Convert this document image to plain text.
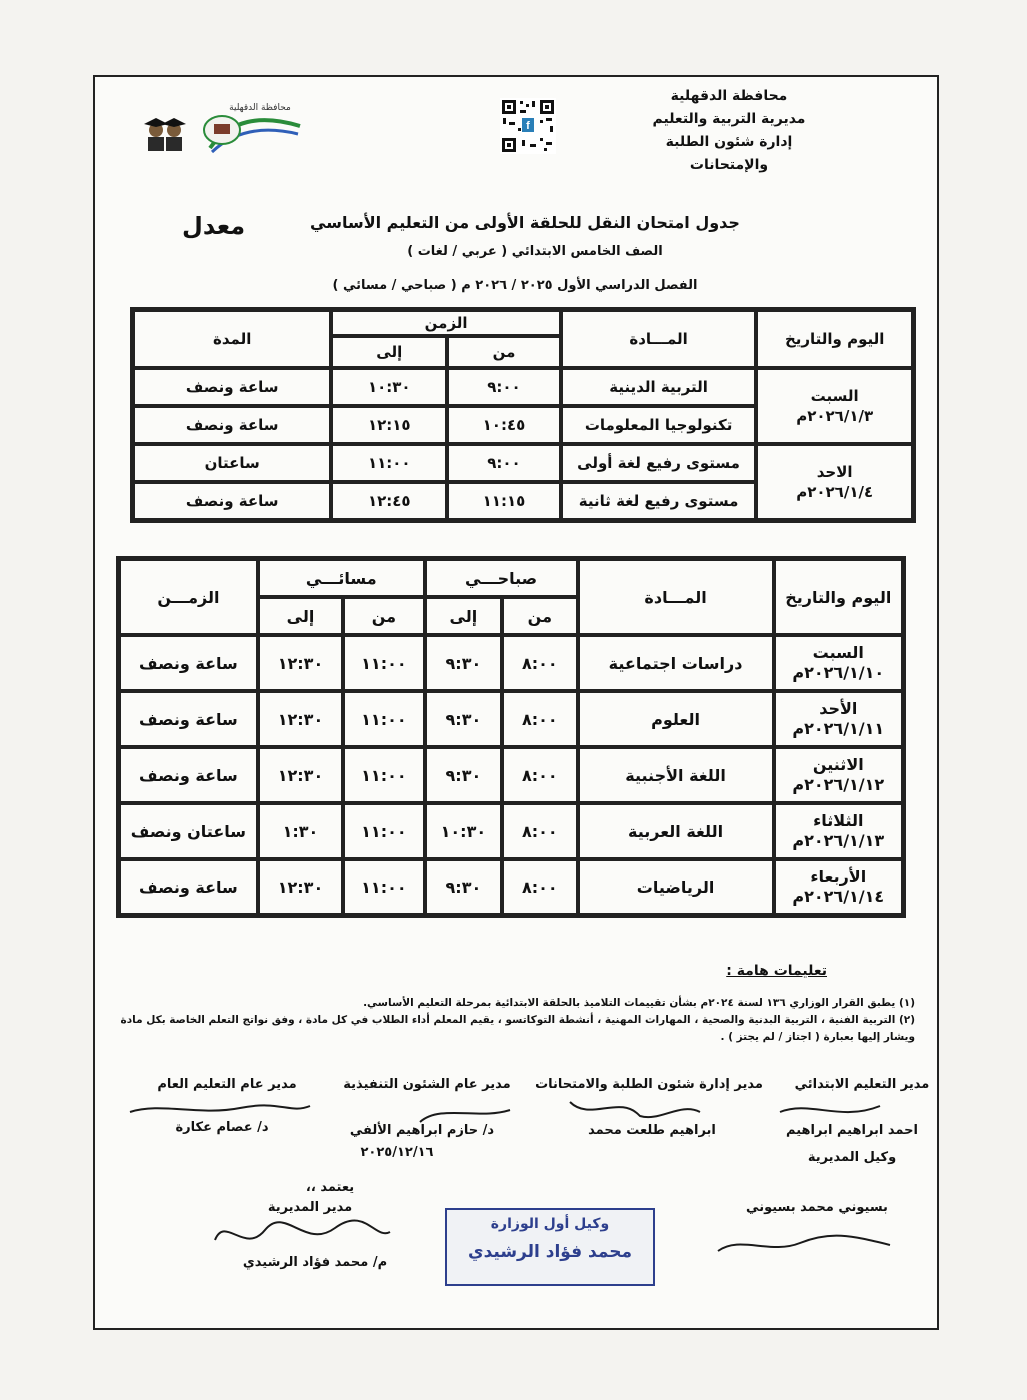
محافظة الدقهلية
مديرية التربية والتعليم
إدارة شئون الطلبة والإمتحانات
f
محافظة الدقهلية
معدل	جدول امتحان النقل للحلقة الأولى من التعليم الأساسي
الصف الخامس الابتدائي ( عربي / لغات )
الفصل الدراسي الأول ٢٠٢٥ / ٢٠٢٦ م ( صباحي / مسائي )
اليوم والتاريخ	المـــادة	الزمن		المدة
		من	إلى	

السبت
٢٠٢٦/١/٣م	التربية الدينية	٩:٠٠	١٠:٣٠	ساعة ونصف
	تكنولوجيا المعلومات	١٠:٤٥	١٢:١٥	ساعة ونصف

الاحد
٢٠٢٦/١/٤م	مستوى رفيع لغة أولى	٩:٠٠	١١:٠٠	ساعتان
	مستوى رفيع لغة ثانية	١١:١٥	١٢:٤٥	ساعة ونصف
اليوم والتاريخ	المـــادة	صباحـــي		مسائـــي		الزمـــن
		من	إلى	من	إلى	

السبت
٢٠٢٦/١/١٠م	دراسات اجتماعية	٨:٠٠	٩:٣٠	١١:٠٠	١٢:٣٠	ساعة ونصف

الأحد
٢٠٢٦/١/١١م	العلوم	٨:٠٠	٩:٣٠	١١:٠٠	١٢:٣٠	ساعة ونصف

الاثنين
٢٠٢٦/١/١٢م	اللغة الأجنبية	٨:٠٠	٩:٣٠	١١:٠٠	١٢:٣٠	ساعة ونصف

الثلاثاء
٢٠٢٦/١/١٣م	اللغة العربية	٨:٠٠	١٠:٣٠	١١:٠٠	١:٣٠	ساعتان ونصف

الأربعاء
٢٠٢٦/١/١٤م	الرياضيات	٨:٠٠	٩:٣٠	١١:٠٠	١٢:٣٠	ساعة ونصف
تعليمات هامة :
(١) يطبق القرار الوزاري ١٣٦ لسنة ٢٠٢٤م بشأن تقييمات التلاميذ بالحلقة الابتدائية بمرحلة التعليم الأساسي.
(٢) التربية الفنية ، التربية البدنية والصحية ، المهارات المهنية ، أنشطة التوكاتسو ، يقيم المعلم أداء الطلاب في كل مادة ، وفق نواتج التعلم الخاصة بكل مادة ويشار إليها بعبارة ( اجتاز / لم يجتز ) .
مدير التعليم الابتدائي
مدير إدارة شئون الطلبة والامتحانات
مدير عام الشئون التنفيذية
مدير عام التعليم العام
احمد ابراهيم ابراهيم
وكيل المديرية
ابراهيم طلعت محمد
د/ حازم ابراهيم الألفي
٢٠٢٥/١٢/١٦
د/ عصام عكارة
يعتمد ،،
مدير المديرية
م/ محمد فؤاد الرشيدي
وكيل أول الوزارة
محمد فؤاد الرشيدي
بسيوني محمد بسيوني
